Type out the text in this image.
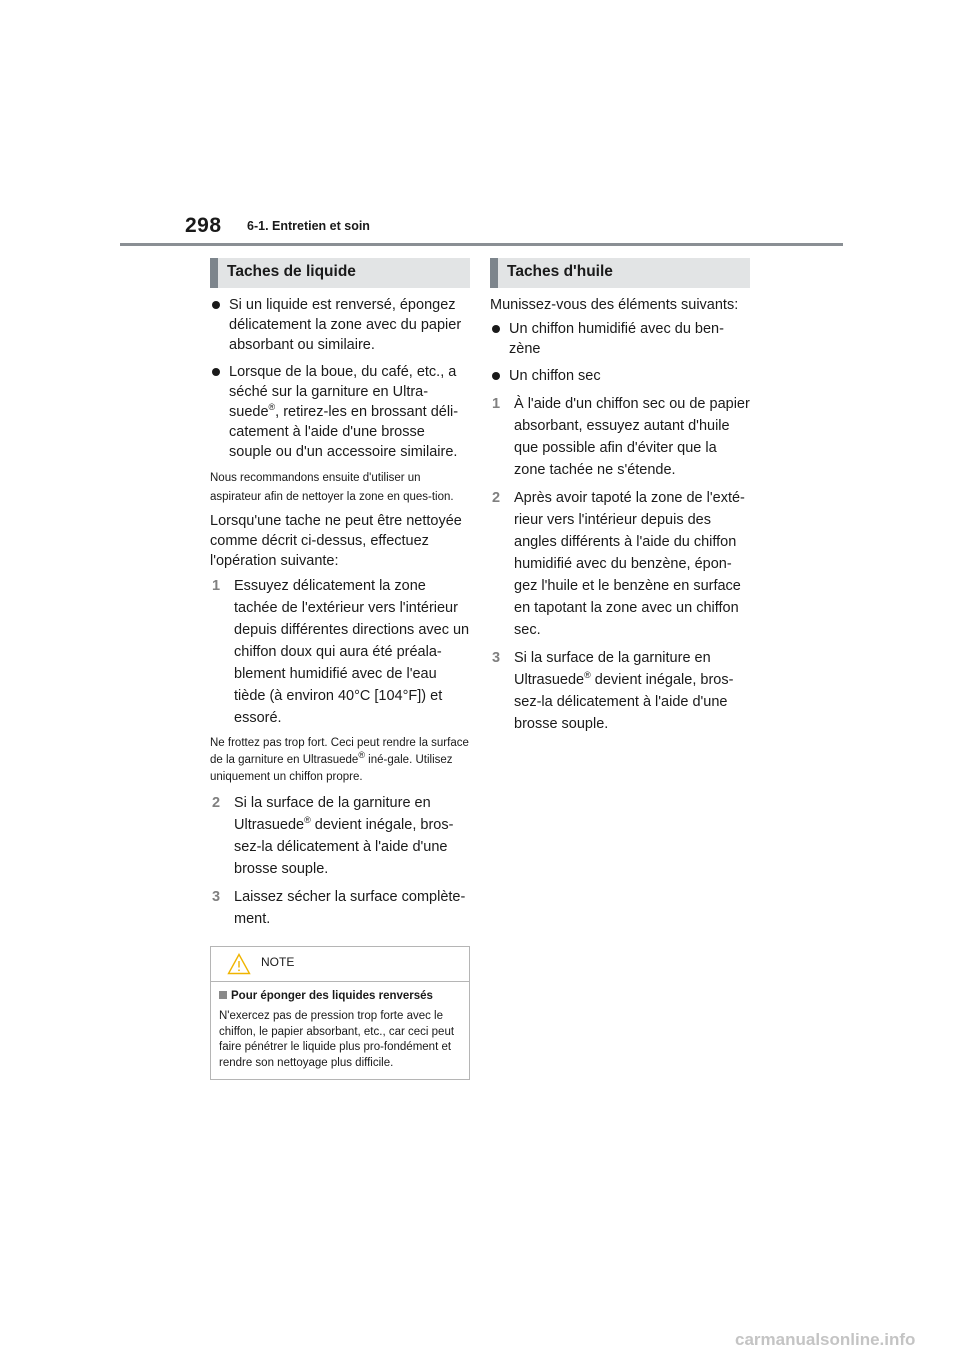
298 6-1. Entretien et soin
Taches de liquide
Si un liquide est renversé, épongez délicatement la zone avec du papier absorbant ou similaire.
Lorsque de la boue, du café, etc., a séché sur la garniture en Ultra-suede®, retirez-les en brossant déli-catement à l'aide d'une brosse souple ou d'un accessoire similaire.

Nous recommandons ensuite d'utiliser un aspirateur afin de nettoyer la zone en ques-tion.

Lorsqu'une tache ne peut être nettoyée comme décrit ci-dessus, effectuez l'opération suivante:

1 Essuyez délicatement la zone tachée de l'extérieur vers l'intérieur depuis différentes directions avec un chiffon doux qui aura été préala-blement humidifié avec de l'eau tiède (à environ 40°C [104°F]) et essoré.

Ne frottez pas trop fort. Ceci peut rendre la surface de la garniture en Ultrasuede® iné-gale. Utilisez uniquement un chiffon propre.

2 Si la surface de la garniture en Ultrasuede® devient inégale, bros-sez-la délicatement à l'aide d'une brosse souple.
3 Laissez sécher la surface complète-ment.
NOTE
Pour éponger des liquides renversés
N'exercez pas de pression trop forte avec le chiffon, le papier absorbant, etc., car ceci peut faire pénétrer le liquide plus pro-fondément et rendre son nettoyage plus difficile.
Taches d'huile

Munissez-vous des éléments suivants:

Un chiffon humidifié avec du ben-zène
Un chiffon sec
1 À l'aide d'un chiffon sec ou de papier absorbant, essuyez autant d'huile que possible afin d'éviter que la zone tachée ne s'étende.
2 Après avoir tapoté la zone de l'exté-rieur vers l'intérieur depuis des angles différents à l'aide du chiffon humidifié avec du benzène, épon-gez l'huile et le benzène en surface en tapotant la zone avec un chiffon sec.
3 Si la surface de la garniture en Ultrasuede® devient inégale, bros-sez-la délicatement à l'aide d'une brosse souple.
carmanualsonline.info
